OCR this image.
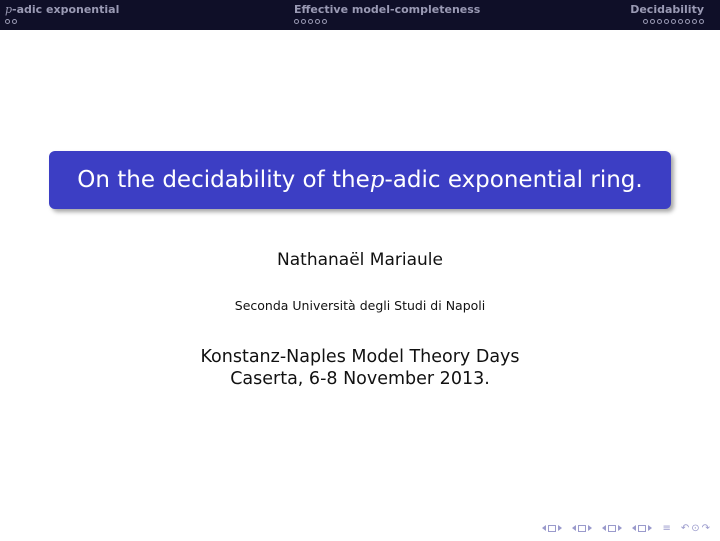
p-adic exponential	Effective model-completeness	Decidability
On the decidability of the p -adic exponential ring.
Nathanaël Mariaule
Seconda Università degli Studi di Napoli
Konstanz-Naples Model Theory Days
Caserta, 6-8 November 2013.
≡ ↶ ⊙ ↷
